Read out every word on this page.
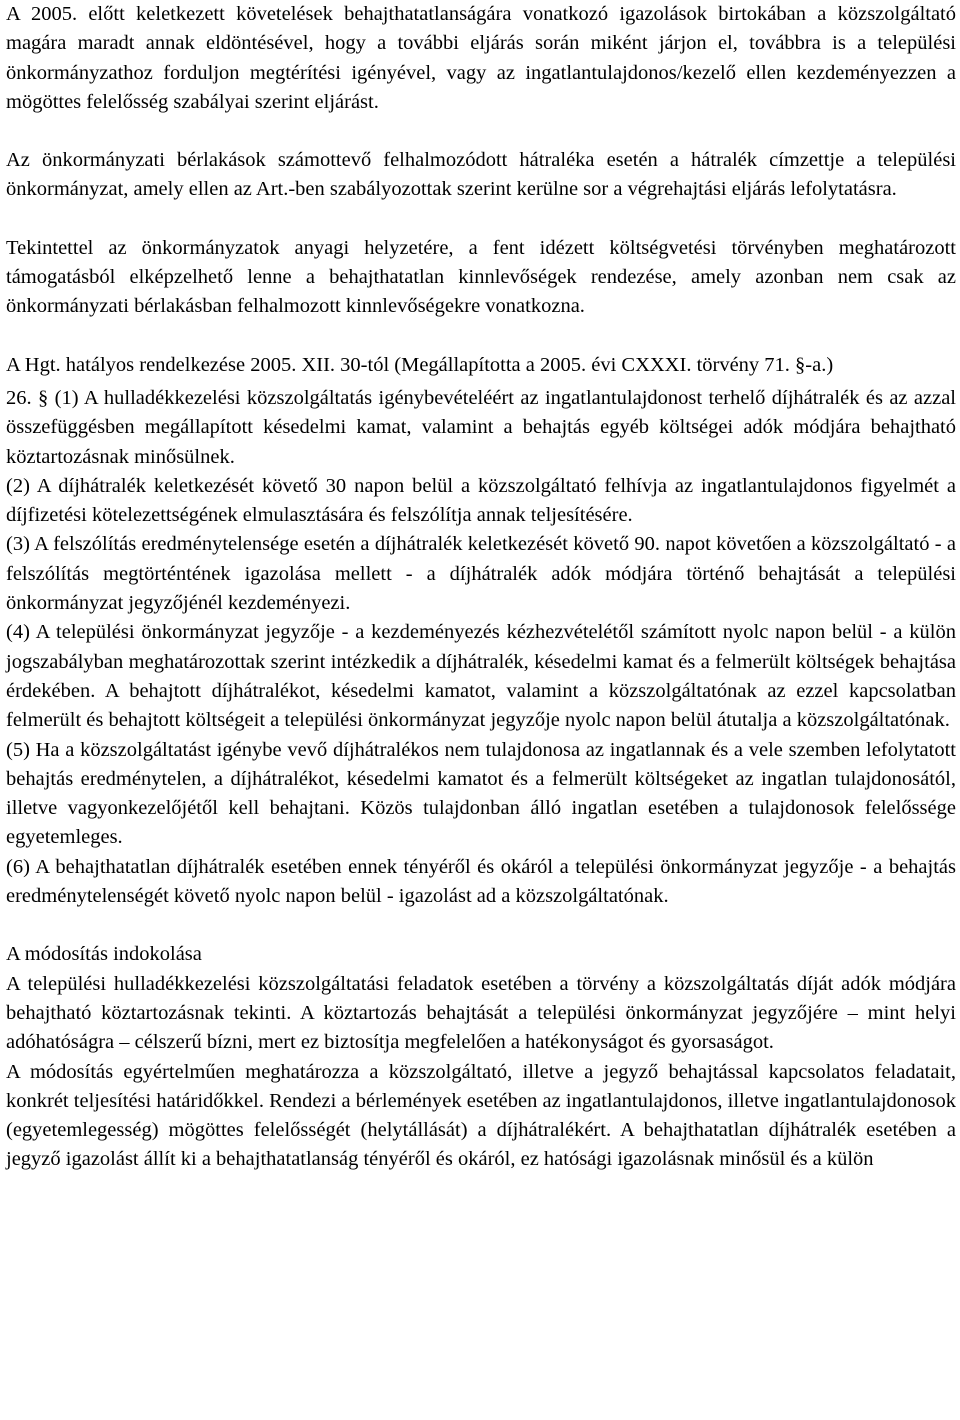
A 2005. előtt keletkezett követelések behajthatatlanságára vonatkozó igazolások birtokában a közszolgáltató magára maradt annak eldöntésével, hogy a további eljárás során miként járjon el, továbbra is a települési önkormányzathoz forduljon megtérítési igényével, vagy az ingatlantulajdonos/kezelő ellen kezdeményezzen a mögöttes felelősség szabályai szerint eljárást.

Az önkormányzati bérlakások számottevő felhalmozódott hátraléka esetén a hátralék címzettje a települési önkormányzat, amely ellen az Art.-ben szabályozottak szerint kerülne sor a végrehajtási eljárás lefolytatásra.

Tekintettel az önkormányzatok anyagi helyzetére, a fent idézett költségvetési törvényben meghatározott támogatásból elképzelhető lenne a behajthatatlan kinnlevőségek rendezése, amely azonban nem csak az önkormányzati bérlakásban felhalmozott kinnlevőségekre vonatkozna.

A Hgt. hatályos rendelkezése 2005. XII. 30-tól (Megállapította a 2005. évi CXXXI. törvény 71. §-a.)

26. § (1) A hulladékkezelési közszolgáltatás igénybevételéért az ingatlantulajdonost terhelő díjhátralék és az azzal összefüggésben megállapított késedelmi kamat, valamint a behajtás egyéb költségei adók módjára behajtható köztartozásnak minősülnek.

(2) A díjhátralék keletkezését követő 30 napon belül a közszolgáltató felhívja az ingatlantulajdonos figyelmét a díjfizetési kötelezettségének elmulasztására és felszólítja annak teljesítésére.

(3) A felszólítás eredménytelensége esetén a díjhátralék keletkezését követő 90. napot követően a közszolgáltató - a felszólítás megtörténtének igazolása mellett - a díjhátralék adók módjára történő behajtását a települési önkormányzat jegyzőjénél kezdeményezi.

(4) A települési önkormányzat jegyzője - a kezdeményezés kézhezvételétől számított nyolc napon belül - a külön jogszabályban meghatározottak szerint intézkedik a díjhátralék, késedelmi kamat és a felmerült költségek behajtása érdekében. A behajtott díjhátralékot, késedelmi kamatot, valamint a közszolgáltatónak az ezzel kapcsolatban felmerült és behajtott költségeit a települési önkormányzat jegyzője nyolc napon belül átutalja a közszolgáltatónak.

(5) Ha a közszolgáltatást igénybe vevő díjhátralékos nem tulajdonosa az ingatlannak és a vele szemben lefolytatott behajtás eredménytelen, a díjhátralékot, késedelmi kamatot és a felmerült költségeket az ingatlan tulajdonosától, illetve vagyonkezelőjétől kell behajtani. Közös tulajdonban álló ingatlan esetében a tulajdonosok felelőssége egyetemleges.

(6) A behajthatatlan díjhátralék esetében ennek tényéről és okáról a települési önkormányzat jegyzője - a behajtás eredménytelenségét követő nyolc napon belül - igazolást ad a közszolgáltatónak.

A módosítás indokolása

A települési hulladékkezelési közszolgáltatási feladatok esetében a törvény a közszolgáltatás díját adók módjára behajtható köztartozásnak tekinti. A köztartozás behajtását a települési önkormányzat jegyzőjére – mint helyi adóhatóságra – célszerű bízni, mert ez biztosítja megfelelően a hatékonyságot és gyorsaságot.

A módosítás egyértelműen meghatározza a közszolgáltató, illetve a jegyző behajtással kapcsolatos feladatait, konkrét teljesítési határidőkkel. Rendezi a bérlemények esetében az ingatlantulajdonos, illetve ingatlantulajdonosok (egyetemlegesség) mögöttes felelősségét (helytállását) a díjhátralékért. A behajthatatlan díjhátralék esetében a jegyző igazolást állít ki a behajthatatlanság tényéről és okáról, ez hatósági igazolásnak minősül és a külön
